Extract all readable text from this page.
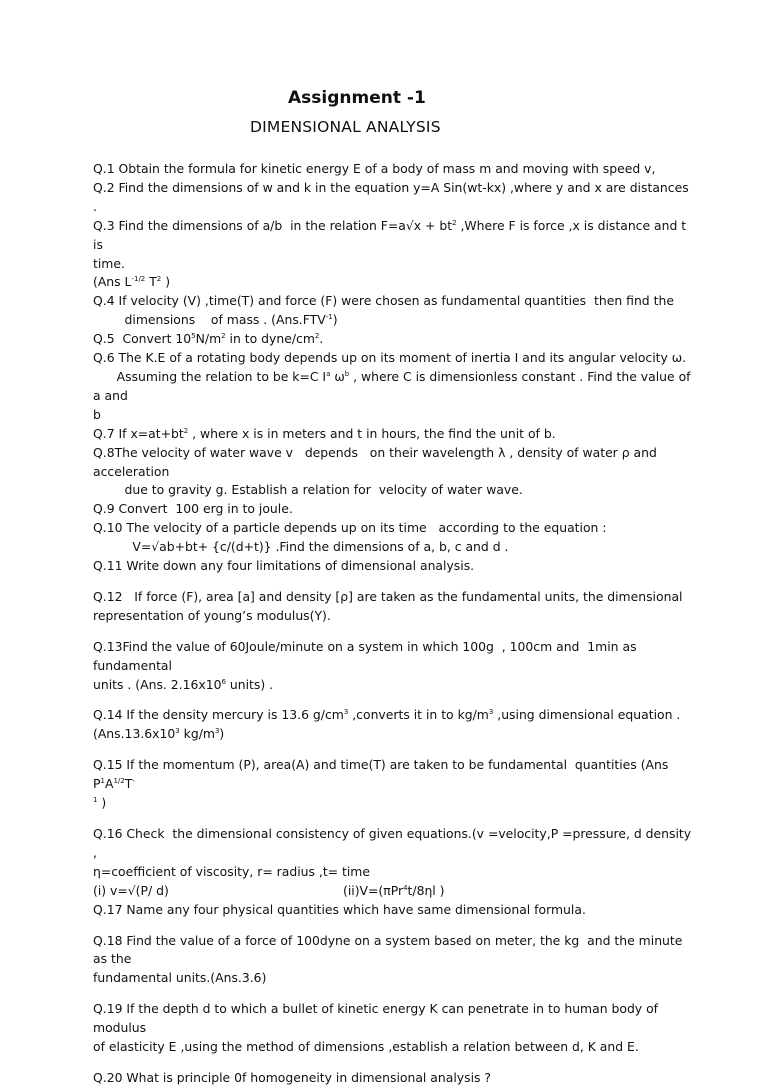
Assignment -1
DIMENSIONAL ANALYSIS
Q.1 Obtain the formula for kinetic energy E of a body of mass m and moving with speed v,
Q.2 Find the dimensions of w and k in the equation y=A Sin(wt-kx) ,where y and x are distances .
Q.3 Find the dimensions of a/b  in the relation $F=a√x + bt^2$ ,Where F is force ,x is distance and t is
time.
(Ans $L^{-1/2}$ $T^2$ )
Q.4 If velocity (V) ,time(T) and force (F) were chosen as fundamental quantities  then find the
dimensions    of mass . $(Ans.FTV^{-1})$
Q.5  Convert $10^5N/m^2$ in to dyne/$cm^2$.
Q.6 The K.E of a rotating body depends up on its moment of inertia I and its angular velocity ω.
Assuming the relation to be k=C $I^a$ $\omega^b$ , where C is dimensionless constant . Find the value of a and
b
Q.7 If $x=at+bt^2$ , where x is in meters and t in hours, the find the unit of b.
Q.8The velocity of water wave v   depends   on their wavelength λ , density of water ρ and
acceleration
due to gravity g. Establish a relation for  velocity of water wave.
Q.9 Convert  100 erg in to joule.
Q.10 The velocity of a particle depends up on its time   according to the equation :
V=√ab+bt+ {c/(d+t)} .Find the dimensions of a, b, c and d .
Q.11 Write down any four limitations of dimensional analysis.
Q.12   If force (F), area [a] and density [ρ] are taken as the fundamental units, the dimensional
representation of young’s modulus(Y).
Q.13Find the value of 60Joule/minute on a system in which 100g  , 100cm and  1min as fundamental
units . (Ans. $2.16x10^6$ units) .
Q.14 If the density mercury is 13.6 $g/cm^3$ ,converts it in to $kg/m^3$ ,using dimensional equation .
($Ans.13.6x10^3$ $kg/m^3$)
Q.15 If the momentum (P), area(A) and time(T) are taken to be fundamental  quantities (Ans  $P^1A^{1/2}T^-$
$^1$ )
Q.16 Check  the dimensional consistency of given equations.(v =velocity,P =pressure, d density ,
η=coefficient of viscosity, r= radius ,t= time
(i) v=√(P/ d)	(ii)V=(πPr$^4$t/8ηl )
Q.17 Name any four physical quantities which have same dimensional formula.
Q.18 Find the value of a force of 100dyne on a system based on meter, the kg  and the minute as the
fundamental units.(Ans.3.6)
Q.19 If the depth d to which a bullet of kinetic energy K can penetrate in to human body of modulus
of elasticity E ,using the method of dimensions ,establish a relation between d, K and E.
Q.20 What is principle 0f homogeneity in dimensional analysis ?
